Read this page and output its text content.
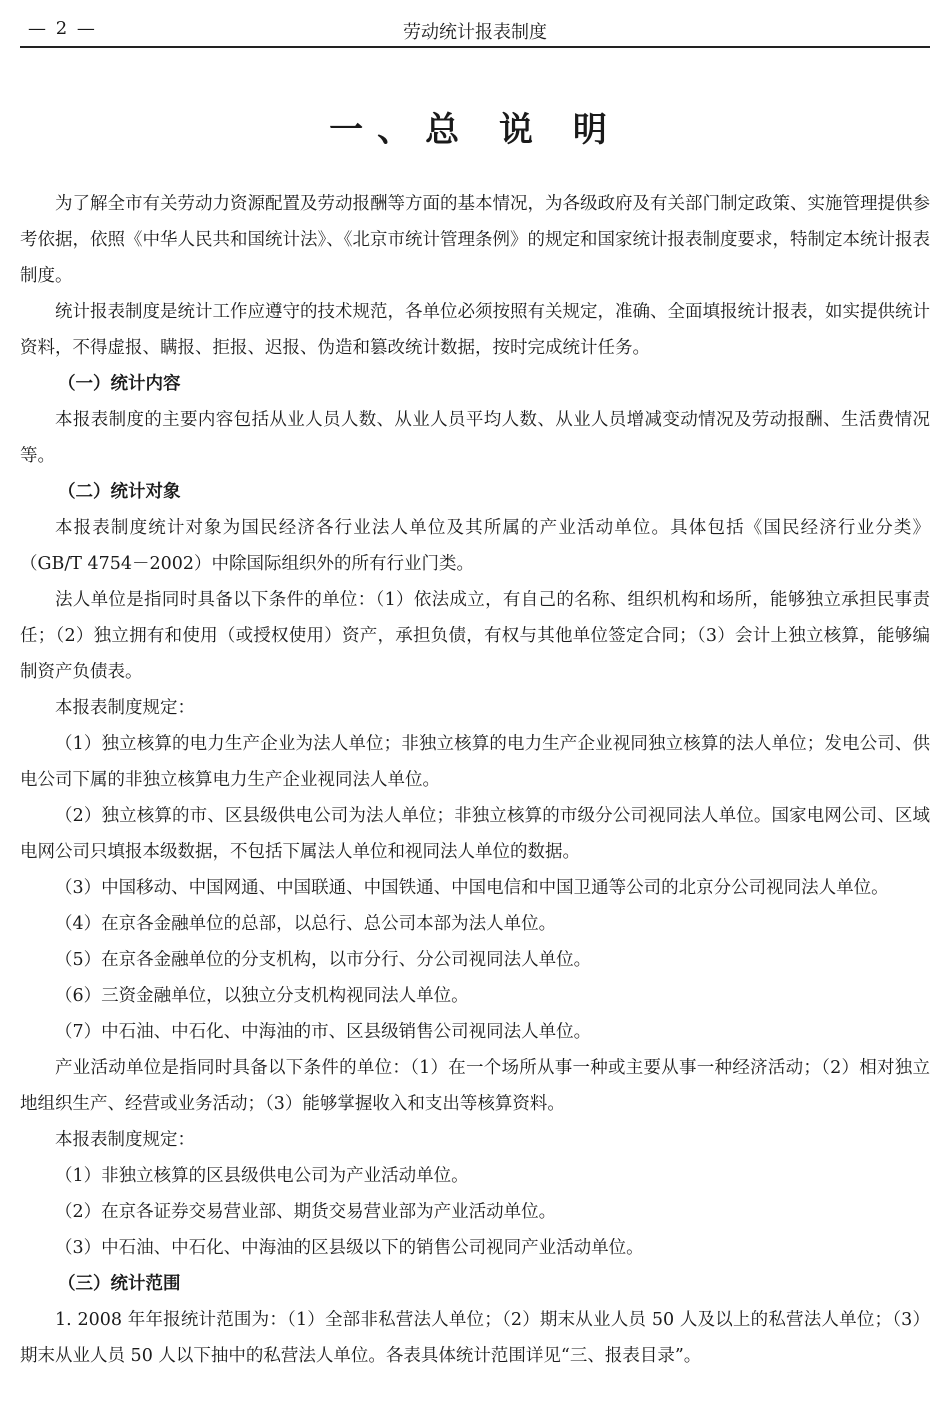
— 2 —	劳动统计报表制度
一、总 说 明

为了解全市有关劳动力资源配置及劳动报酬等方面的基本情况，为各级政府及有关部门制定政策、实施管理提供参考依据，依照《中华人民共和国统计法》、《北京市统计管理条例》的规定和国家统计报表制度要求，特制定本统计报表制度。

统计报表制度是统计工作应遵守的技术规范，各单位必须按照有关规定，准确、全面填报统计报表，如实提供统计资料，不得虚报、瞒报、拒报、迟报、伪造和篡改统计数据，按时完成统计任务。

（一）统计内容

本报表制度的主要内容包括从业人员人数、从业人员平均人数、从业人员增减变动情况及劳动报酬、生活费情况等。

（二）统计对象

本报表制度统计对象为国民经济各行业法人单位及其所属的产业活动单位。具体包括《国民经济行业分类》（GB/T 4754－2002）中除国际组织外的所有行业门类。

法人单位是指同时具备以下条件的单位：（1）依法成立，有自己的名称、组织机构和场所，能够独立承担民事责任；（2）独立拥有和使用（或授权使用）资产，承担负债，有权与其他单位签定合同；（3）会计上独立核算，能够编制资产负债表。

本报表制度规定：

（1）独立核算的电力生产企业为法人单位；非独立核算的电力生产企业视同独立核算的法人单位；发电公司、供电公司下属的非独立核算电力生产企业视同法人单位。

（2）独立核算的市、区县级供电公司为法人单位；非独立核算的市级分公司视同法人单位。国家电网公司、区域电网公司只填报本级数据，不包括下属法人单位和视同法人单位的数据。

（3）中国移动、中国网通、中国联通、中国铁通、中国电信和中国卫通等公司的北京分公司视同法人单位。

（4）在京各金融单位的总部，以总行、总公司本部为法人单位。

（5）在京各金融单位的分支机构，以市分行、分公司视同法人单位。

（6）三资金融单位，以独立分支机构视同法人单位。

（7）中石油、中石化、中海油的市、区县级销售公司视同法人单位。

产业活动单位是指同时具备以下条件的单位：（1）在一个场所从事一种或主要从事一种经济活动；（2）相对独立地组织生产、经营或业务活动；（3）能够掌握收入和支出等核算资料。

本报表制度规定：

（1）非独立核算的区县级供电公司为产业活动单位。

（2）在京各证券交易营业部、期货交易营业部为产业活动单位。

（3）中石油、中石化、中海油的区县级以下的销售公司视同产业活动单位。

（三）统计范围

1. 2008 年年报统计范围为：（1）全部非私营法人单位；（2）期末从业人员 50 人及以上的私营法人单位；（3）期末从业人员 50 人以下抽中的私营法人单位。各表具体统计范围详见“三、报表目录”。
